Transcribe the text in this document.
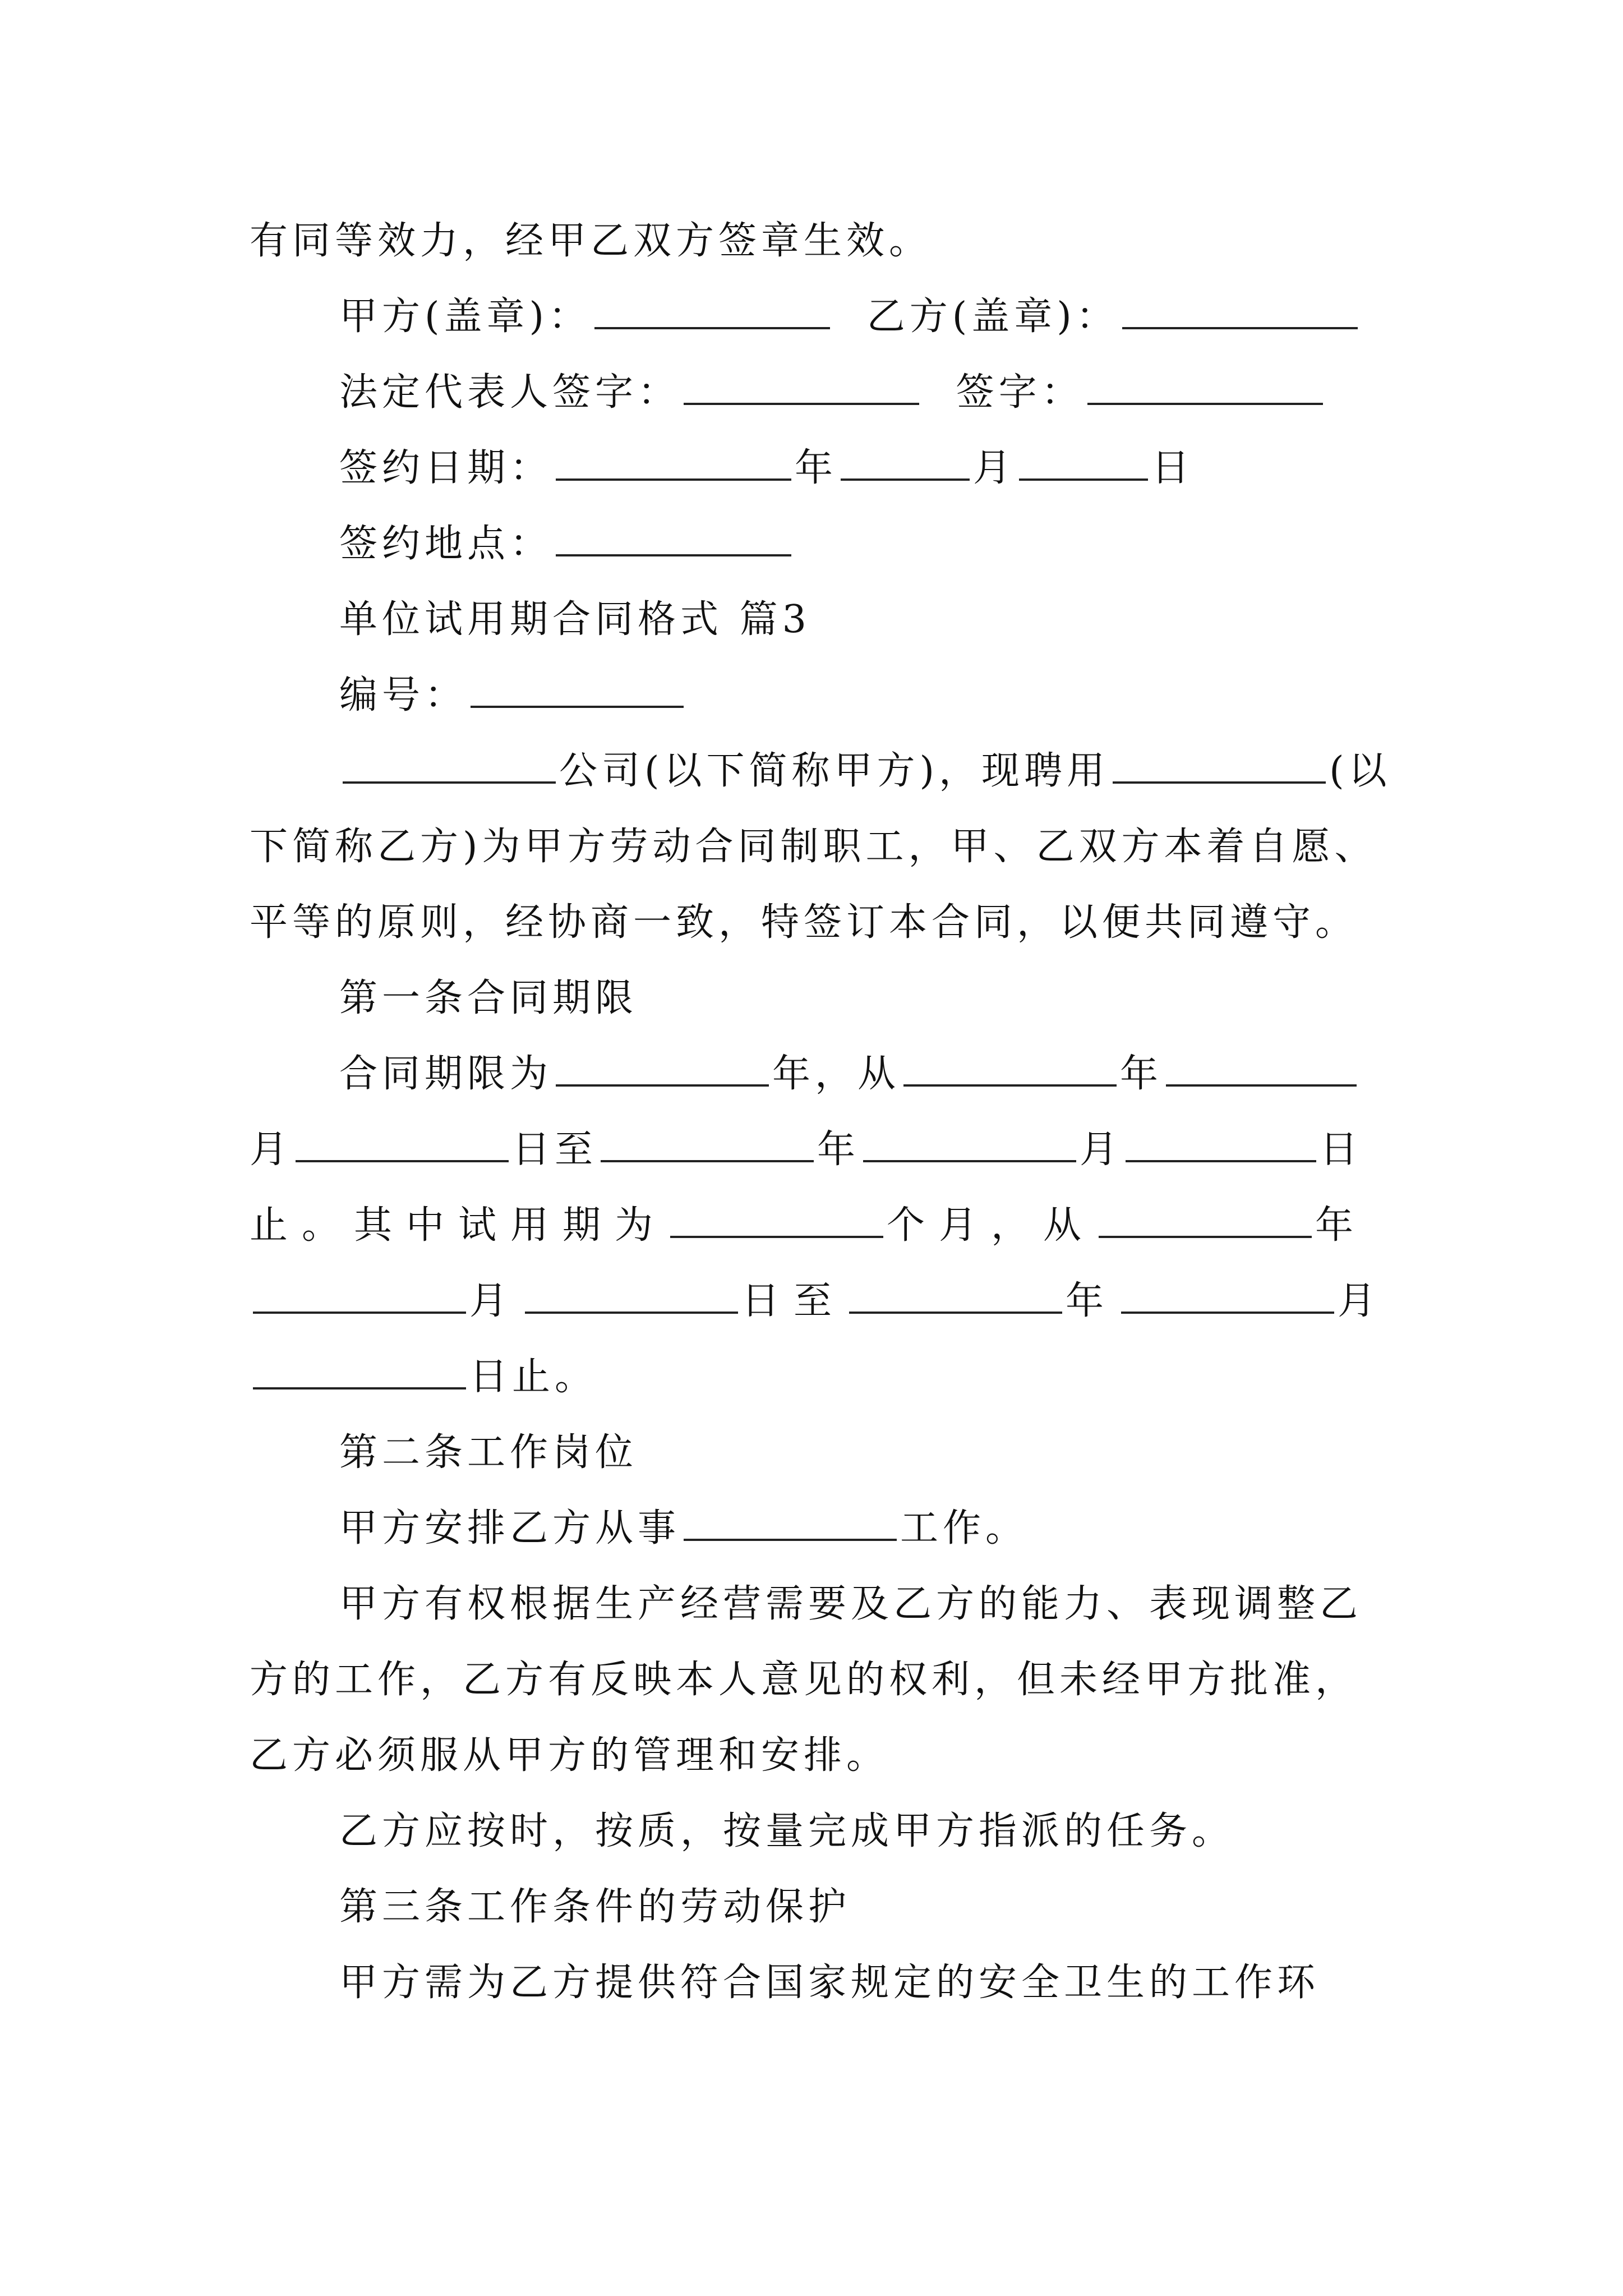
有同等效力，经甲乙双方签章生效。
甲方(盖章)：	乙方(盖章)：
法定代表人签字：	签字：
签约日期：	年	月	日
签约地点：
单位试用期合同格式 篇3
编号：
公司(以下简称甲方)，现聘用	(以
下简称乙方)为甲方劳动合同制职工，甲、乙双方本着自愿、
平等的原则，经协商一致，特签订本合同，以便共同遵守。
第一条合同期限
合同期限为	年，从	年
月	日至	年	月	日
止。其中试用期为	个月，从	年
月	日至	年	月
日止。
第二条工作岗位
甲方安排乙方从事	工作。
甲方有权根据生产经营需要及乙方的能力、表现调整乙
方的工作，乙方有反映本人意见的权利，但未经甲方批准，
乙方必须服从甲方的管理和安排。
乙方应按时，按质，按量完成甲方指派的任务。
第三条工作条件的劳动保护
甲方需为乙方提供符合国家规定的安全卫生的工作环
